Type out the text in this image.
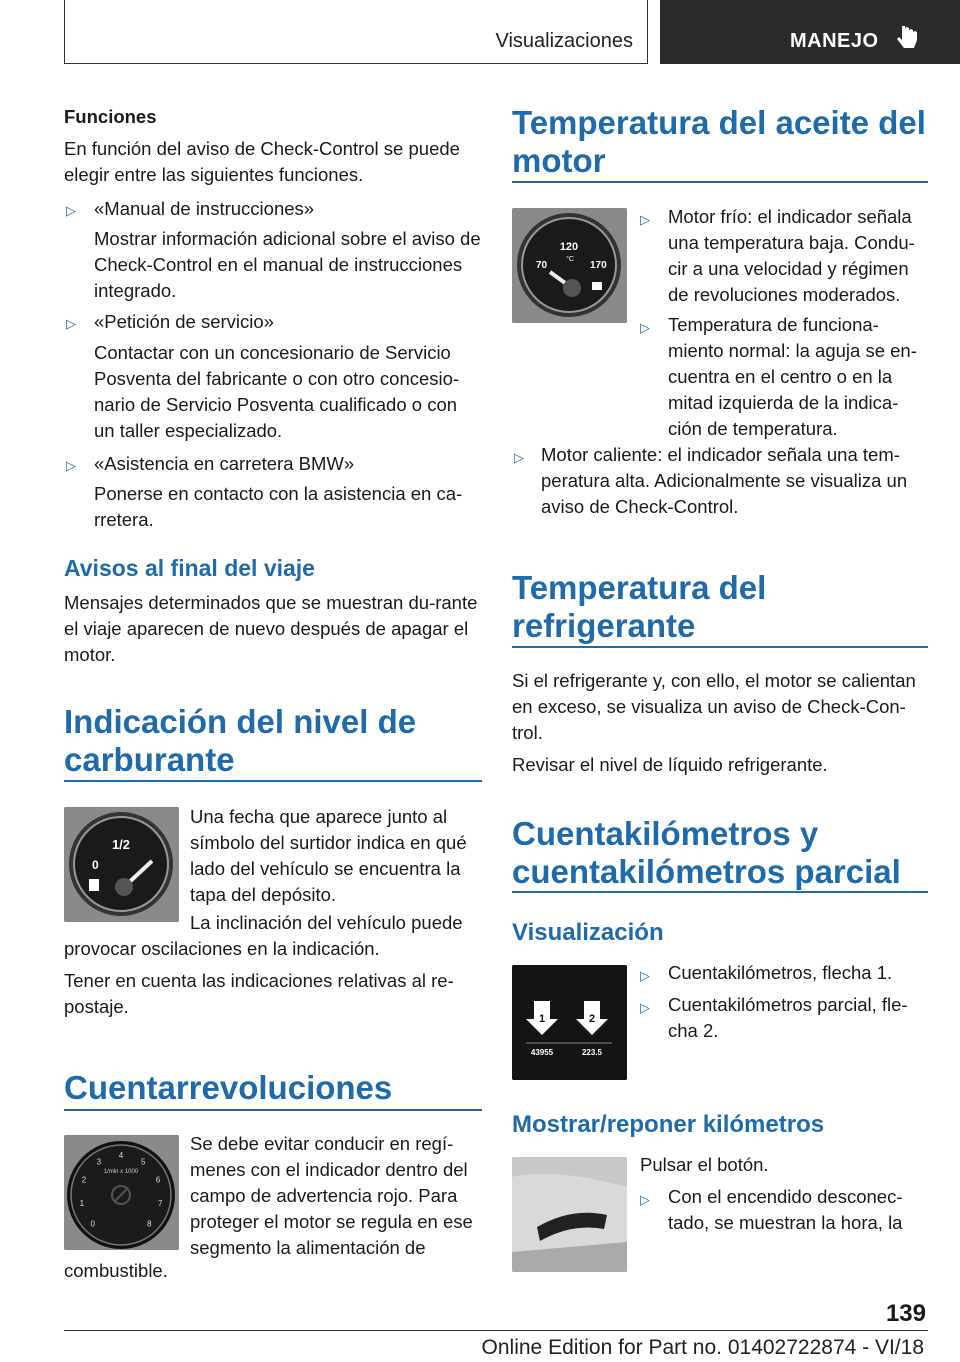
Visualizaciones	MANEJO

Funciones

En función del aviso de Check-Control se puede elegir entre las siguientes funciones.

▷ «Manual de instrucciones»

Mostrar información adicional sobre el aviso de Check-Control en el manual de instrucciones integrado.

▷ «Petición de servicio»

Contactar con un concesionario de Servicio Posventa del fabricante o con otro concesio-nario de Servicio Posventa cualificado o con un taller especializado.

▷ «Asistencia en carretera BMW»

Ponerse en contacto con la asistencia en ca-rretera.

Avisos al final del viaje

Mensajes determinados que se muestran du-rante el viaje aparecen de nuevo después de apagar el motor.

Indicación del nivel de carburante
1/2
0

Una fecha que aparece junto al símbolo del surtidor indica en qué lado del vehículo se encuentra la tapa del depósito.

La inclinación del vehículo puede

provocar oscilaciones en la indicación.

Tener en cuenta las indicaciones relativas al re-postaje.

Cuentarrevoluciones
1/min x 1000
0
1
2
3
4
5
6
7
8

Se debe evitar conducir en regí-menes con el indicador dentro del campo de advertencia rojo. Para proteger el motor se regula en ese segmento la alimentación de

combustible.

Temperatura del aceite del motor
120
°C
70	170
▷ Motor frío: el indicador señala una temperatura baja. Condu-cir a una velocidad y régimen de revoluciones moderados.

▷ Temperatura de funciona-miento normal: la aguja se en-cuentra en el centro o en la mitad izquierda de la indica-ción de temperatura.

▷ Motor caliente: el indicador señala una tem-peratura alta. Adicionalmente se visualiza un aviso de Check-Control.

Temperatura del refrigerante

Si el refrigerante y, con ello, el motor se calientan en exceso, se visualiza un aviso de Check-Con-trol.

Revisar el nivel de líquido refrigerante.

Cuentakilómetros y cuentakilómetros parcial
Visualización
1	2
43955	223.5
▷ Cuentakilómetros, flecha 1.

▷ Cuentakilómetros parcial, fle-cha 2.

Mostrar/reponer kilómetros

Pulsar el botón.

▷ Con el encendido desconec-tado, se muestran la hora, la

139
Online Edition for Part no. 01402722874 - VI/18
